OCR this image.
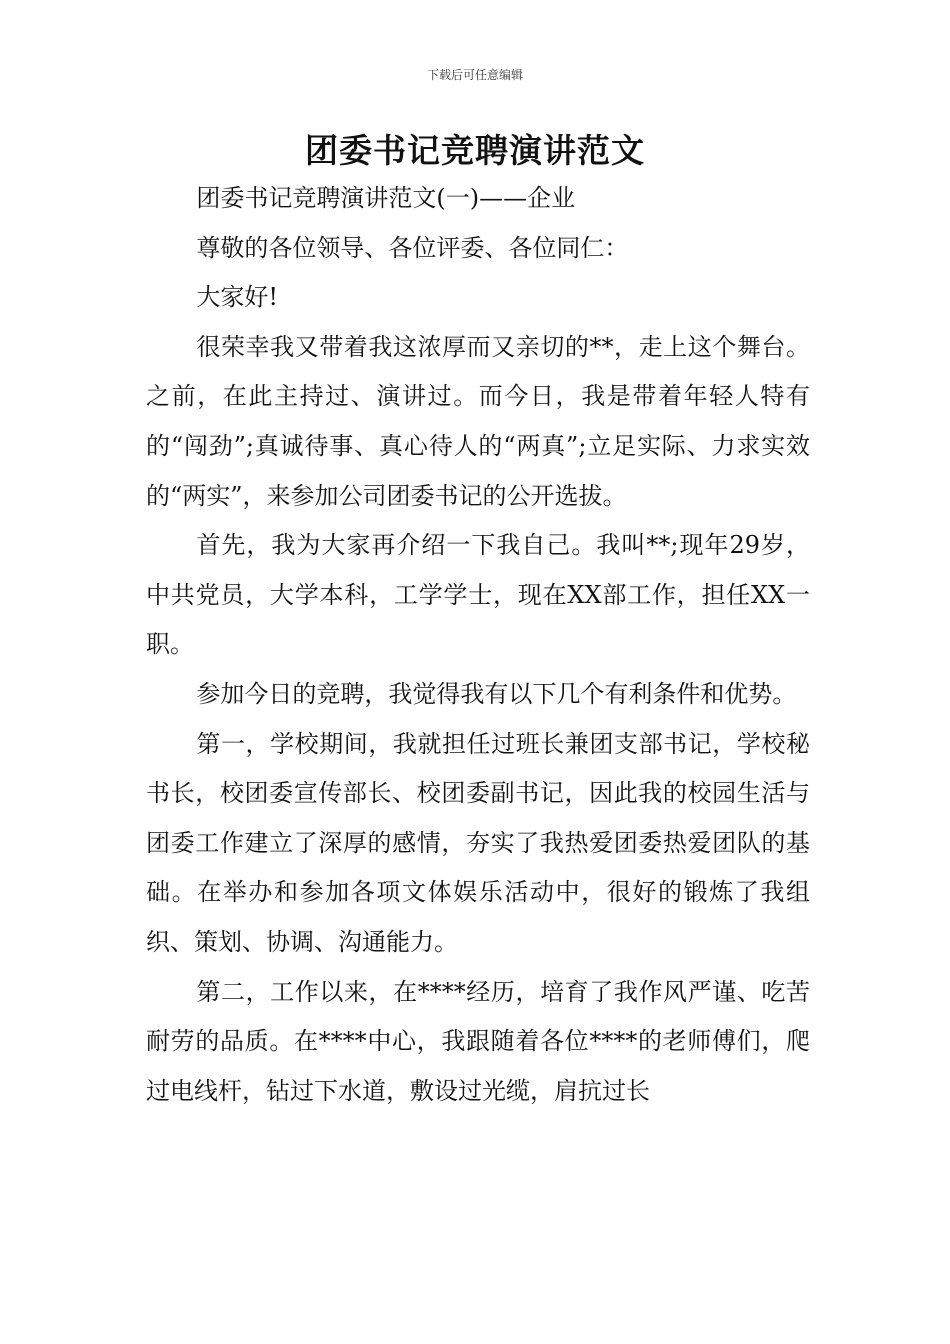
下载后可任意编辑
团委书记竞聘演讲范文

团委书记竞聘演讲范文(一)——企业

尊敬的各位领导、各位评委、各位同仁：

大家好!

很荣幸我又带着我这浓厚而又亲切的**，走上这个舞台。之前，在此主持过、演讲过。而今日，我是带着年轻人特有的“闯劲”;真诚待事、真心待人的“两真”;立足实际、力求实效的“两实”，来参加公司团委书记的公开选拔。

首先，我为大家再介绍一下我自己。我叫**;现年29岁，中共党员，大学本科，工学学士，现在XX部工作，担任XX一职。

参加今日的竞聘，我觉得我有以下几个有利条件和优势。

第一，学校期间，我就担任过班长兼团支部书记，学校秘书长，校团委宣传部长、校团委副书记，因此我的校园生活与团委工作建立了深厚的感情，夯实了我热爱团委热爱团队的基础。在举办和参加各项文体娱乐活动中，很好的锻炼了我组织、策划、协调、沟通能力。

第二，工作以来，在****经历，培育了我作风严谨、吃苦耐劳的品质。在****中心，我跟随着各位****的老师傅们，爬过电线杆，钻过下水道，敷设过光缆，肩抗过长
